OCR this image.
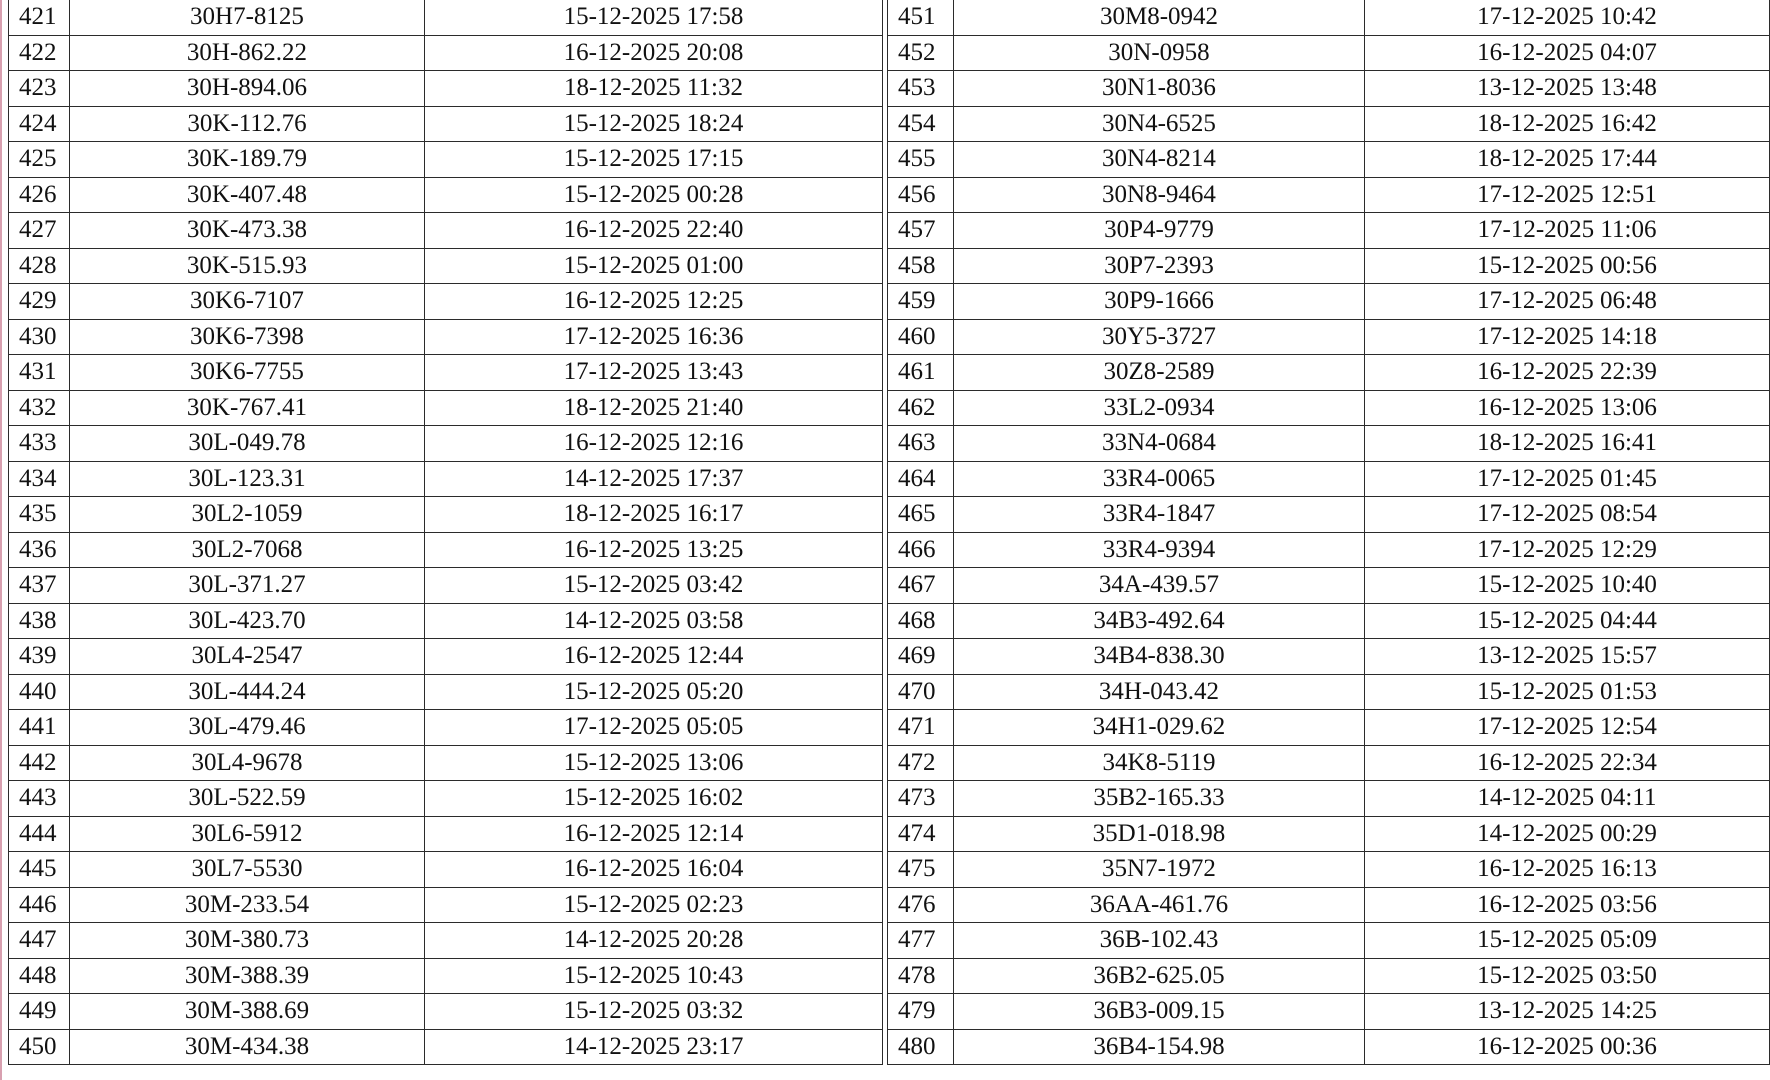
421	30H7-8125	15-12-2025 17:58
422	30H-862.22	16-12-2025 20:08
423	30H-894.06	18-12-2025 11:32
424	30K-112.76	15-12-2025 18:24
425	30K-189.79	15-12-2025 17:15
426	30K-407.48	15-12-2025 00:28
427	30K-473.38	16-12-2025 22:40
428	30K-515.93	15-12-2025 01:00
429	30K6-7107	16-12-2025 12:25
430	30K6-7398	17-12-2025 16:36
431	30K6-7755	17-12-2025 13:43
432	30K-767.41	18-12-2025 21:40
433	30L-049.78	16-12-2025 12:16
434	30L-123.31	14-12-2025 17:37
435	30L2-1059	18-12-2025 16:17
436	30L2-7068	16-12-2025 13:25
437	30L-371.27	15-12-2025 03:42
438	30L-423.70	14-12-2025 03:58
439	30L4-2547	16-12-2025 12:44
440	30L-444.24	15-12-2025 05:20
441	30L-479.46	17-12-2025 05:05
442	30L4-9678	15-12-2025 13:06
443	30L-522.59	15-12-2025 16:02
444	30L6-5912	16-12-2025 12:14
445	30L7-5530	16-12-2025 16:04
446	30M-233.54	15-12-2025 02:23
447	30M-380.73	14-12-2025 20:28
448	30M-388.39	15-12-2025 10:43
449	30M-388.69	15-12-2025 03:32
450	30M-434.38	14-12-2025 23:17
451	30M8-0942	17-12-2025 10:42
452	30N-0958	16-12-2025 04:07
453	30N1-8036	13-12-2025 13:48
454	30N4-6525	18-12-2025 16:42
455	30N4-8214	18-12-2025 17:44
456	30N8-9464	17-12-2025 12:51
457	30P4-9779	17-12-2025 11:06
458	30P7-2393	15-12-2025 00:56
459	30P9-1666	17-12-2025 06:48
460	30Y5-3727	17-12-2025 14:18
461	30Z8-2589	16-12-2025 22:39
462	33L2-0934	16-12-2025 13:06
463	33N4-0684	18-12-2025 16:41
464	33R4-0065	17-12-2025 01:45
465	33R4-1847	17-12-2025 08:54
466	33R4-9394	17-12-2025 12:29
467	34A-439.57	15-12-2025 10:40
468	34B3-492.64	15-12-2025 04:44
469	34B4-838.30	13-12-2025 15:57
470	34H-043.42	15-12-2025 01:53
471	34H1-029.62	17-12-2025 12:54
472	34K8-5119	16-12-2025 22:34
473	35B2-165.33	14-12-2025 04:11
474	35D1-018.98	14-12-2025 00:29
475	35N7-1972	16-12-2025 16:13
476	36AA-461.76	16-12-2025 03:56
477	36B-102.43	15-12-2025 05:09
478	36B2-625.05	15-12-2025 03:50
479	36B3-009.15	13-12-2025 14:25
480	36B4-154.98	16-12-2025 00:36
